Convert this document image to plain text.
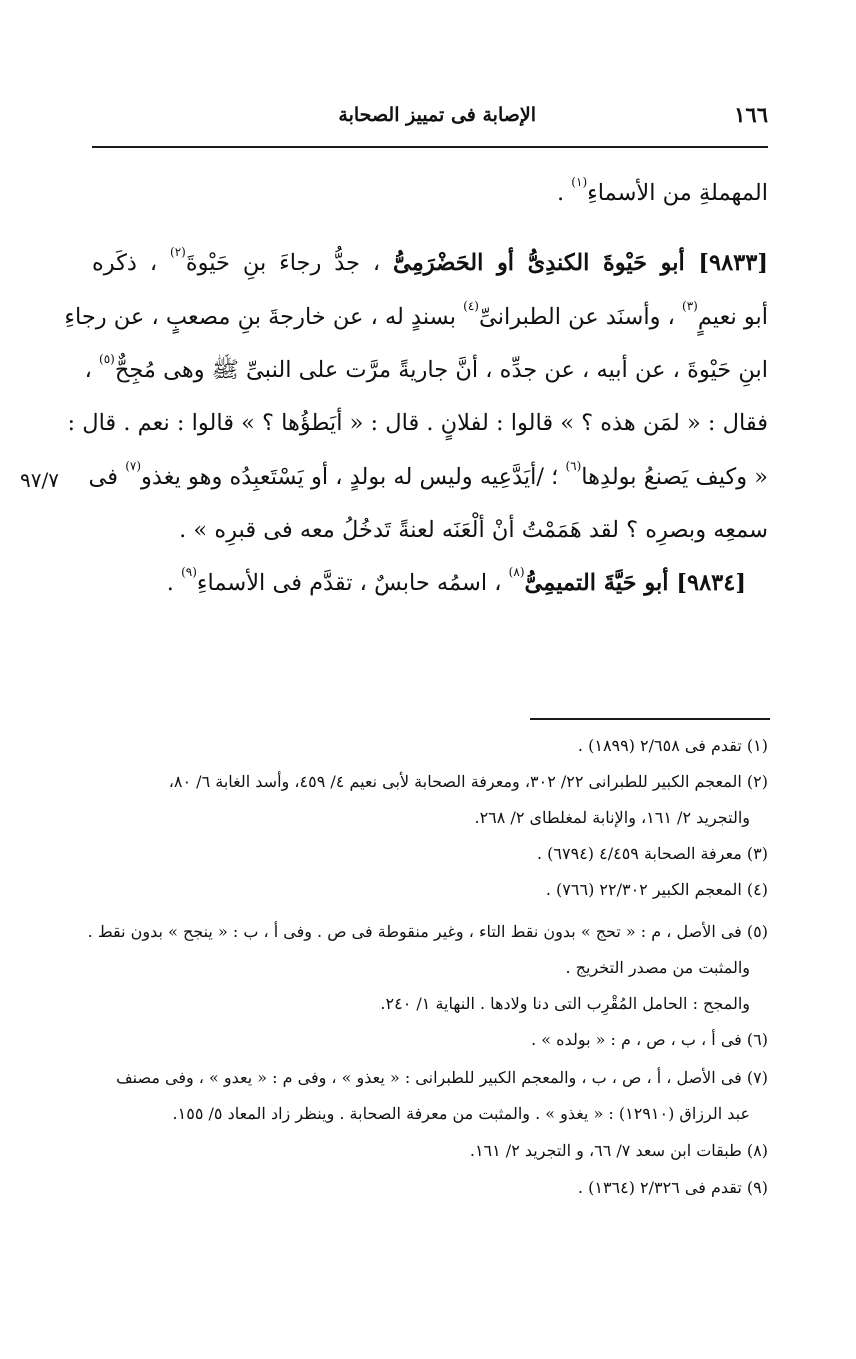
١٦٦
الإصابة فى تمييز الصحابة
المهملةِ من الأسماءِ$^{(١)}$ .
[٩٨٣٣] أبو حَيْوةَ الكندِىُّ أو الحَضْرَمِىُّ ، جدُّ رجاءَ بنِ حَيْوةَ$^{(٢)}$ ، ذكَره
أبو نعيمٍ$^{(٣)}$ ، وأسنَد عن الطبرانىِّ$^{(٤)}$ بسندٍ له ، عن خارجةَ بنِ مصعبٍ ، عن رجاءِ
ابنِ حَيْوةَ ، عن أبيه ، عن جدِّه ، أنَّ جاريةً مرَّت على النبىِّ ﷺ وهى مُجِحٌّ$^{(٥)}$ ،
فقال : « لمَن هذه ؟ » قالوا : لفلانٍ . قال : « أيَطؤُها ؟ » قالوا : نعم . قال :
« وكيف يَصنعُ بولدِها$^{(٦)}$ ؛ /أيَدَّعِيه وليس له بولدٍ ، أو يَسْتَعبِدُه وهو يغذو$^{(٧)}$ فى
سمعِه وبصرِه ؟ لقد هَمَمْتُ أنْ ألْعَنَه لعنةً تَدخُلُ معه فى قبرِه » .
[٩٨٣٤] أبو حَيَّةَ التميمِىُّ$^{(٨)}$ ، اسمُه حابسٌ ، تقدَّم فى الأسماءِ$^{(٩)}$ .
٩٧/٧
(١) تقدم فى ٢/٦٥٨ (١٨٩٩) .
(٢) المعجم الكبير للطبرانى ٢٢/ ٣٠٢، ومعرفة الصحابة لأبى نعيم ٤/ ٤٥٩، وأسد الغابة ٦/ ٨٠،
والتجريد ٢/ ١٦١، والإنابة لمغلطاى ٢/ ٢٦٨.
(٣) معرفة الصحابة ٤/٤٥٩ (٦٧٩٤) .
(٤) المعجم الكبير ٢٢/٣٠٢ (٧٦٦) .
(٥) فى الأصل ، م : « تحج » بدون نقط التاء ، وغير منقوطة فى ص . وفى أ ، ب : « ينجح » بدون نقط .
والمثبت من مصدر التخريج .
والمجح : الحامل المُقْرِب التى دنا ولادها . النهاية ١/ ٢٤٠.
(٦) فى أ ، ب ، ص ، م : « بولده » .
(٧) فى الأصل ، أ ، ص ، ب ، والمعجم الكبير للطبرانى : « يعذو » ، وفى م : « يعدو » ، وفى مصنف
عبد الرزاق (١٢٩١٠) : « يغذو » . والمثبت من معرفة الصحابة . وينظر زاد المعاد ٥/ ١٥٥.
(٨) طبقات ابن سعد ٧/ ٦٦، و التجريد ٢/ ١٦١.
(٩) تقدم فى ٢/٣٢٦ (١٣٦٤) .
